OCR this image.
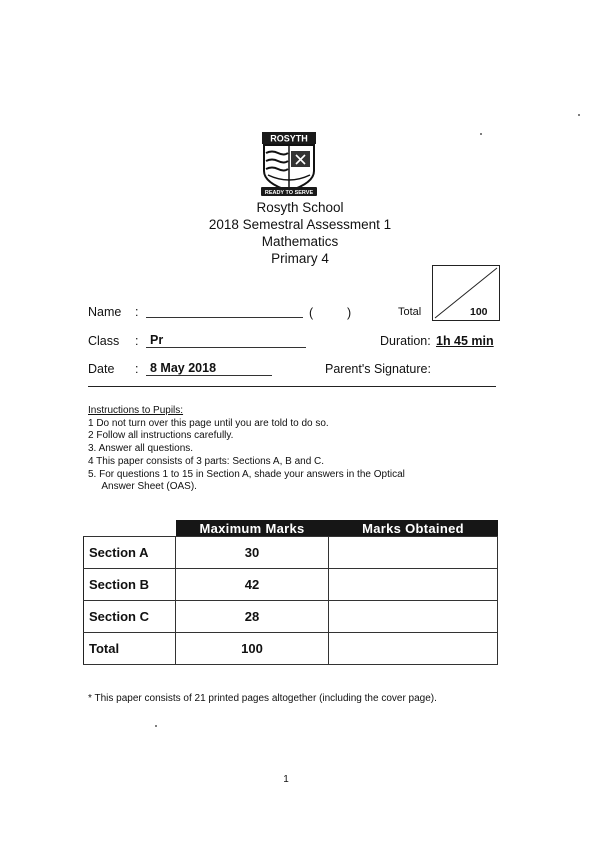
ROSYTH
READY TO SERVE
Rosyth School
2018 Semestral Assessment 1
Mathematics
Primary 4
Total	100
Name :	(	)
Class : Pr	Duration: 1h 45 min
Date : 8 May 2018	Parent's Signature:
Instructions to Pupils:
1 Do not turn over this page until you are told to do so.
2 Follow all instructions carefully.
3. Answer all questions.
4 This paper consists of 3 parts: Sections A, B and C.
5. For questions 1 to 15 in Section A, shade your answers in the Optical
Answer Sheet (OAS).
	Maximum Marks	Marks Obtained
Section A	30	
Section B	42	
Section C	28	
Total	100	
* This paper consists of 21 printed pages altogether (including the cover page).
1
